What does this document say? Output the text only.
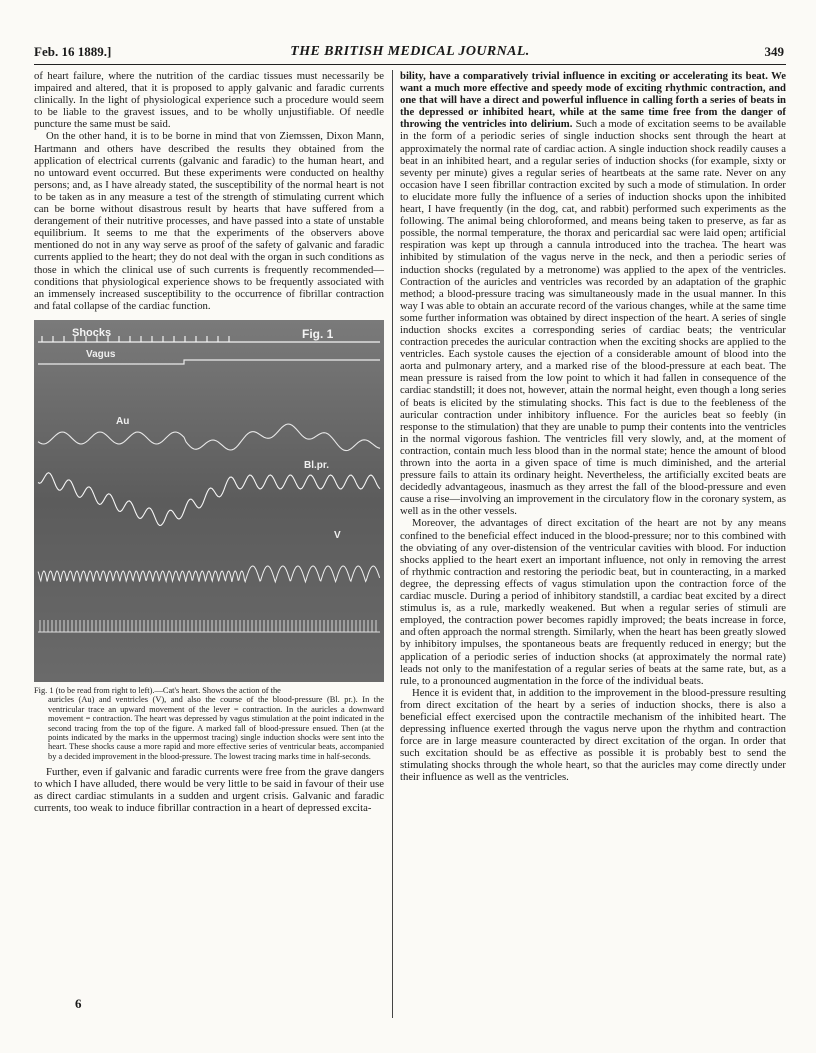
Feb. 16 1889.]	THE BRITISH MEDICAL JOURNAL.	349

of heart failure, where the nutrition of the cardiac tissues must necessarily be impaired and altered, that it is proposed to apply galvanic and faradic currents clinically. In the light of physiological experience such a procedure would seem to be liable to the gravest issues, and to be wholly unjustifiable. Of needle puncture the same must be said.

On the other hand, it is to be borne in mind that von Ziemssen, Dixon Mann, Hartmann and others have described the results they obtained from the application of electrical currents (galvanic and faradic) to the human heart, and no untoward event occurred. But these experiments were conducted on healthy persons; and, as I have already stated, the susceptibility of the normal heart is not to be taken as in any measure a test of the strength of stimulating current which can be borne without disastrous result by hearts that have suffered from a derangement of their nutritive processes, and have passed into a state of unstable equilibrium. It seems to me that the experiments of the observers above mentioned do not in any way serve as proof of the safety of galvanic and faradic currents applied to the heart; they do not deal with the organ in such conditions as those in which the clinical use of such currents is frequently recommended—conditions that physiological experience shows to be frequently associated with an immensely increased susceptibility to the occurrence of fibrillar contraction and fatal collapse of the cardiac function.

Shocks	Fig. 1
Vagus
Au
Bl.pr.
V
Fig. 1 (to be read from right to left).—Cat's heart. Shows the action of the
auricles (Au) and ventricles (V), and also the course of the blood-pressure (Bl. pr.). In the ventricular trace an upward movement of the lever = contraction. In the auricles a downward movement = contraction. The heart was depressed by vagus stimulation at the point indicated in the second tracing from the top of the figure. A marked fall of blood-pressure ensued. Then (at the points indicated by the marks in the uppermost tracing) single induction shocks were sent into the heart. These shocks cause a more rapid and more effective series of ventricular beats, accompanied by a decided improvement in the blood-pressure. The lowest tracing marks time in half-seconds.

Further, even if galvanic and faradic currents were free from the grave dangers to which I have alluded, there would be very little to be said in favour of their use as direct cardiac stimulants in a sudden and urgent crisis. Galvanic and faradic currents, too weak to induce fibrillar contraction in a heart of depressed excita-

6

bility, have a comparatively trivial influence in exciting or accelerating its beat. We want a much more effective and speedy mode of exciting rhythmic contraction, and one that will have a direct and powerful influence in calling forth a series of beats in the depressed or inhibited heart, while at the same time free from the danger of throwing the ventricles into delirium. Such a mode of excitation seems to be available in the form of a periodic series of single induction shocks sent through the heart at approximately the normal rate of cardiac action. A single induction shock readily causes a beat in an inhibited heart, and a regular series of induction shocks (for example, sixty or seventy per minute) gives a regular series of heartbeats at the same rate. Never on any occasion have I seen fibrillar contraction excited by such a mode of stimulation. In order to elucidate more fully the influence of a series of induction shocks upon the inhibited heart, I have frequently (in the dog, cat, and rabbit) performed such experiments as the following. The animal being chloroformed, and means being taken to preserve, as far as possible, the normal temperature, the thorax and pericardial sac were laid open; artificial respiration was kept up through a cannula introduced into the trachea. The heart was inhibited by stimulation of the vagus nerve in the neck, and then a periodic series of induction shocks (regulated by a metronome) was applied to the apex of the ventricles. Contraction of the auricles and ventricles was recorded by an adaptation of the graphic method; a blood-pressure tracing was simultaneously made in the usual manner. In this way I was able to obtain an accurate record of the various changes, while at the same time some further information was obtained by direct inspection of the heart. A series of single induction shocks excites a corresponding series of cardiac beats; the ventricular contraction precedes the auricular contraction when the exciting shocks are applied to the ventricles. Each systole causes the ejection of a considerable amount of blood into the aorta and pulmonary artery, and a marked rise of the blood-pressure at each beat. The mean pressure is raised from the low point to which it had fallen in consequence of the cardiac standstill; it does not, however, attain the normal height, even though a long series of beats is elicited by the stimulating shocks. This fact is due to the feebleness of the auricular contraction under inhibitory influence. For the auricles beat so feebly (in response to the stimulation) that they are unable to pump their contents into the ventricles in the normal vigorous fashion. The ventricles fill very slowly, and, at the moment of contraction, contain much less blood than in the normal state; hence the amount of blood thrown into the aorta in a given space of time is much diminished, and the arterial pressure fails to attain its ordinary height. Nevertheless, the artificially excited beats are decidedly advantageous, inasmuch as they arrest the fall of the blood-pressure and even cause a rise—involving an improvement in the circulatory flow in the coronary system, as well as in the other vessels.

Moreover, the advantages of direct excitation of the heart are not by any means confined to the beneficial effect induced in the blood-pressure; nor to this combined with the obviating of any over-distension of the ventricular cavities with blood. For induction shocks applied to the heart exert an important influence, not only in removing the arrest of rhythmic contraction and restoring the periodic beat, but in counteracting, in a marked degree, the depressing effects of vagus stimulation upon the contraction force of the cardiac muscle. During a period of inhibitory standstill, a cardiac beat excited by a direct stimulus is, as a rule, markedly weakened. But when a regular series of stimuli are employed, the contraction power becomes rapidly improved; the beats increase in force, and often approach the normal strength. Similarly, when the heart has been greatly slowed by inhibitory impulses, the spontaneous beats are frequently reduced in energy; but the application of a periodic series of induction shocks (at approximately the normal rate) leads not only to the manifestation of a regular series of beats at the same rate, but, as a rule, to a pronounced augmentation in the force of the individual beats.

Hence it is evident that, in addition to the improvement in the blood-pressure resulting from direct excitation of the heart by a series of induction shocks, there is also a beneficial effect exercised upon the contractile mechanism of the inhibited heart. The depressing influence exerted through the vagus nerve upon the rhythm and contraction force are in large measure counteracted by direct excitation of the organ. In order that such excitation should be as effective as possible it is probably best to send the stimulating shocks through the whole heart, so that the auricles may come directly under their influence as well as the ventricles.
